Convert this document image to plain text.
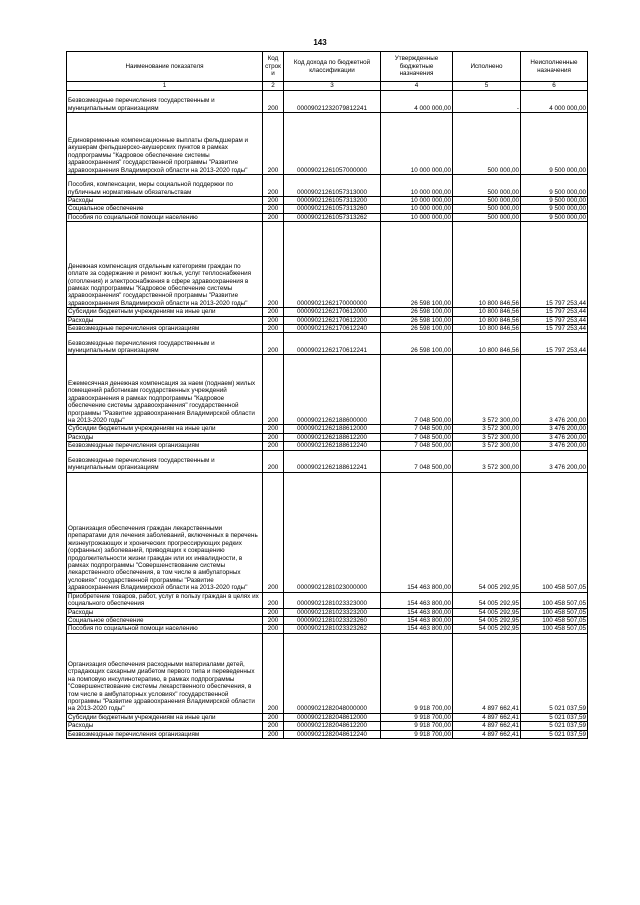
143
Наименование показателя	Код строки	Код дохода по бюджетной классификации	Утвержденные бюджетные назначения	Исполнено	Неисполненные назначения
1	2	3	4	5	6
Безвозмездные перечисления государственным и муниципальным организациям	200	00009021232079812241	4 000 000,00	-	4 000 000,00
Единовременные компенсационные выплаты фельдшерам и акушерам фельдшерско-акушерских пунктов в рамках подпрограммы "Кадровое обеспечение системы здравоохранения" государственной программы "Развитие здравоохранения Владимирской области на 2013-2020 годы"	200	00009021261057000000	10 000 000,00	500 000,00	9 500 000,00
Пособия, компенсации, меры социальной поддержки по публичным нормативным обязательствам	200	00009021261057313000	10 000 000,00	500 000,00	9 500 000,00
Расходы	200	00009021261057313200	10 000 000,00	500 000,00	9 500 000,00
Социальное обеспечение	200	00009021261057313260	10 000 000,00	500 000,00	9 500 000,00
Пособия по социальной помощи населению	200	00009021261057313262	10 000 000,00	500 000,00	9 500 000,00
Денежная компенсация отдельным категориям граждан по оплате за содержание и ремонт жилья, услуг теплоснабжения (отопления) и электроснабжения в сфере здравоохранения в рамках подпрограммы "Кадровое обеспечение системы здравоохранения" государственной программы "Развитие здравоохранения Владимирской области на 2013-2020 годы"	200	00009021262170000000	26 598 100,00	10 800 846,56	15 797 253,44
Субсидии бюджетным учреждениям на иные цели	200	00009021262170612000	26 598 100,00	10 800 846,56	15 797 253,44
Расходы	200	00009021262170612200	26 598 100,00	10 800 846,56	15 797 253,44
Безвозмездные перечисления организациям	200	00009021262170612240	26 598 100,00	10 800 846,56	15 797 253,44
Безвозмездные перечисления государственным и муниципальным организациям	200	00009021262170612241	26 598 100,00	10 800 846,56	15 797 253,44
Ежемесячная денежная компенсация за наем (поднаем) жилых помещений работникам государственных учреждений здравоохранения в рамках подпрограммы "Кадровое обеспечение системы здравоохранения" государственной программы "Развитие здравоохранения Владимирской области на 2013-2020 годы"	200	00009021262188600000	7 048 500,00	3 572 300,00	3 476 200,00
Субсидии бюджетным учреждениям на иные цели	200	00009021262188612000	7 048 500,00	3 572 300,00	3 476 200,00
Расходы	200	00009021262188612200	7 048 500,00	3 572 300,00	3 476 200,00
Безвозмездные перечисления организациям	200	00009021262188612240	7 048 500,00	3 572 300,00	3 476 200,00
Безвозмездные перечисления государственным и муниципальным организациям	200	00009021262188612241	7 048 500,00	3 572 300,00	3 476 200,00
Организация обеспечения граждан лекарственными препаратами для лечения заболеваний, включенных в перечень жизнеугрожающих и хронических прогрессирующих редких (орфанных) заболеваний, приводящих к сокращению продолжительности жизни граждан или их инвалидности, в рамках подпрограммы "Совершенствование системы лекарственного обеспечения, в том числе в амбулаторных условиях" государственной программы "Развитие здравоохранения Владимирской области на 2013-2020 годы"	200	00009021281023000000	154 463 800,00	54 005 292,95	100 458 507,05
Приобретение товаров, работ, услуг в пользу граждан в целях их социального обеспечения	200	00009021281023323000	154 463 800,00	54 005 292,95	100 458 507,05
Расходы	200	00009021281023323200	154 463 800,00	54 005 292,95	100 458 507,05
Социальное обеспечение	200	00009021281023323260	154 463 800,00	54 005 292,95	100 458 507,05
Пособия по социальной помощи населению	200	00009021281023323262	154 463 800,00	54 005 292,95	100 458 507,05
Организация обеспечения расходными материалами детей, страдающих сахарным диабетом первого типа и переведенных на помповую инсулинотерапию, в рамках подпрограммы "Совершенствование системы лекарственного обеспечения, в том числе в амбулаторных условиях" государственной программы "Развитие здравоохранения Владимирской области на 2013-2020 годы"	200	00009021282048000000	9 918 700,00	4 897 662,41	5 021 037,59
Субсидии бюджетным учреждениям на иные цели	200	00009021282048612000	9 918 700,00	4 897 662,41	5 021 037,59
Расходы	200	00009021282048612200	9 918 700,00	4 897 662,41	5 021 037,59
Безвозмездные перечисления организациям	200	00009021282048612240	9 918 700,00	4 897 662,41	5 021 037,59
